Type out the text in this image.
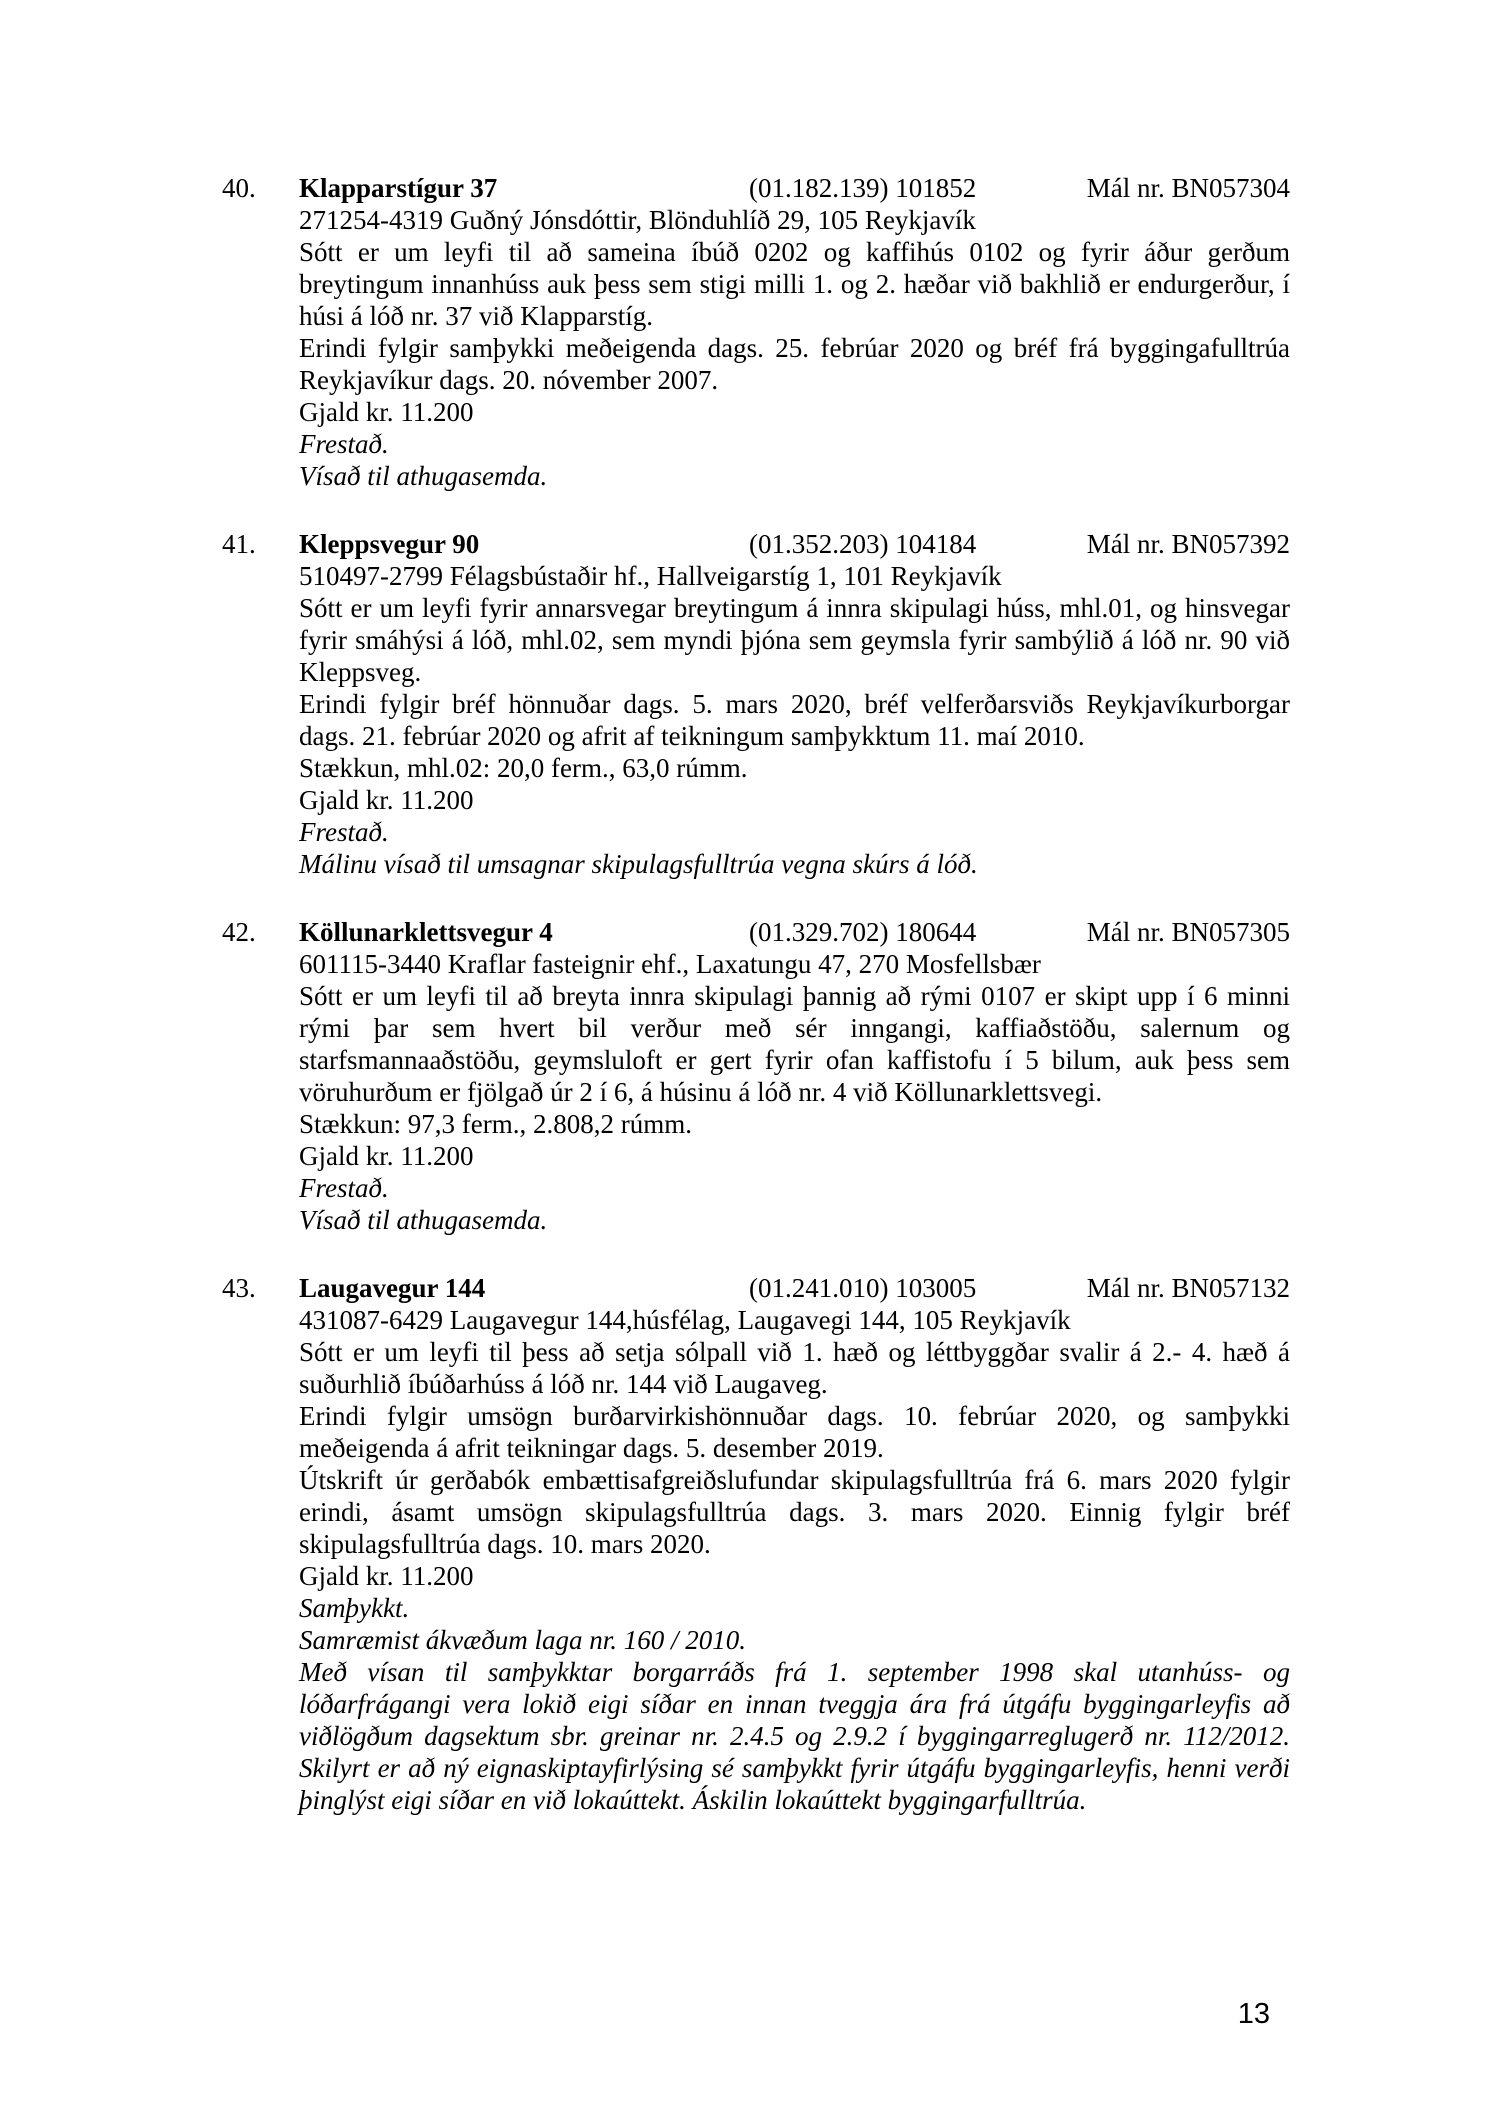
40.	Klapparstígur 37	(01.182.139) 101852	Mál nr. BN057304
271254-4319 Guðný Jónsdóttir, Blönduhlíð 29, 105 Reykjavík

Sótt er um leyfi til að sameina íbúð 0202 og kaffihús 0102 og fyrir áður gerðum breytingum innanhúss auk þess sem stigi milli 1. og 2. hæðar við bakhlið er endurgerður, í húsi á lóð nr. 37 við Klapparstíg.

Erindi fylgir samþykki meðeigenda dags. 25. febrúar 2020 og bréf frá byggingafulltrúa Reykjavíkur dags. 20. nóvember 2007.

Gjald kr. 11.200

Frestað.

Vísað til athugasemda.

41.	Kleppsvegur 90	(01.352.203) 104184	Mál nr. BN057392
510497-2799 Félagsbústaðir hf., Hallveigarstíg 1, 101 Reykjavík

Sótt er um leyfi fyrir annarsvegar breytingum á innra skipulagi húss, mhl.01, og hinsvegar fyrir smáhýsi á lóð, mhl.02, sem myndi þjóna sem geymsla fyrir sambýlið á lóð nr. 90 við Kleppsveg.

Erindi fylgir bréf hönnuðar dags. 5. mars 2020, bréf velferðarsviðs Reykjavíkurborgar dags. 21. febrúar 2020 og afrit af teikningum samþykktum 11. maí 2010.

Stækkun, mhl.02: 20,0 ferm., 63,0 rúmm.

Gjald kr. 11.200

Frestað.

Málinu vísað til umsagnar skipulagsfulltrúa vegna skúrs á lóð.

42.	Köllunarklettsvegur 4	(01.329.702) 180644	Mál nr. BN057305
601115-3440 Kraflar fasteignir ehf., Laxatungu 47, 270 Mosfellsbær

Sótt er um leyfi til að breyta innra skipulagi þannig að rými 0107 er skipt upp í 6 minni rými þar sem hvert bil verður með sér inngangi, kaffiaðstöðu, salernum og starfsmannaaðstöðu, geymsluloft er gert fyrir ofan kaffistofu í 5 bilum, auk þess sem vöruhurðum er fjölgað úr 2 í 6, á húsinu á lóð nr. 4 við Köllunarklettsvegi.

Stækkun: 97,3 ferm., 2.808,2 rúmm.

Gjald kr. 11.200

Frestað.

Vísað til athugasemda.

43.	Laugavegur 144	(01.241.010) 103005	Mál nr. BN057132
431087-6429 Laugavegur 144,húsfélag, Laugavegi 144, 105 Reykjavík

Sótt er um leyfi til þess að setja sólpall við 1. hæð og léttbyggðar svalir á 2.- 4. hæð á suðurhlið íbúðarhúss á lóð nr. 144 við Laugaveg.

Erindi fylgir umsögn burðarvirkishönnuðar dags. 10. febrúar 2020, og samþykki meðeigenda á afrit teikningar dags. 5. desember 2019.

Útskrift úr gerðabók embættisafgreiðslufundar skipulagsfulltrúa frá 6. mars 2020 fylgir erindi, ásamt umsögn skipulagsfulltrúa dags. 3. mars 2020. Einnig fylgir bréf skipulagsfulltrúa dags. 10. mars 2020.

Gjald kr. 11.200

Samþykkt.

Samræmist ákvæðum laga nr. 160 / 2010.

Með vísan til samþykktar borgarráðs frá 1. september 1998 skal utanhúss- og lóðarfrágangi vera lokið eigi síðar en innan tveggja ára frá útgáfu byggingarleyfis að viðlögðum dagsektum sbr. greinar nr. 2.4.5 og 2.9.2 í byggingarreglugerð nr. 112/2012. Skilyrt er að ný eignaskiptayfirlýsing sé samþykkt fyrir útgáfu byggingarleyfis, henni verði þinglýst eigi síðar en við lokaúttekt. Áskilin lokaúttekt byggingarfulltrúa.

13
